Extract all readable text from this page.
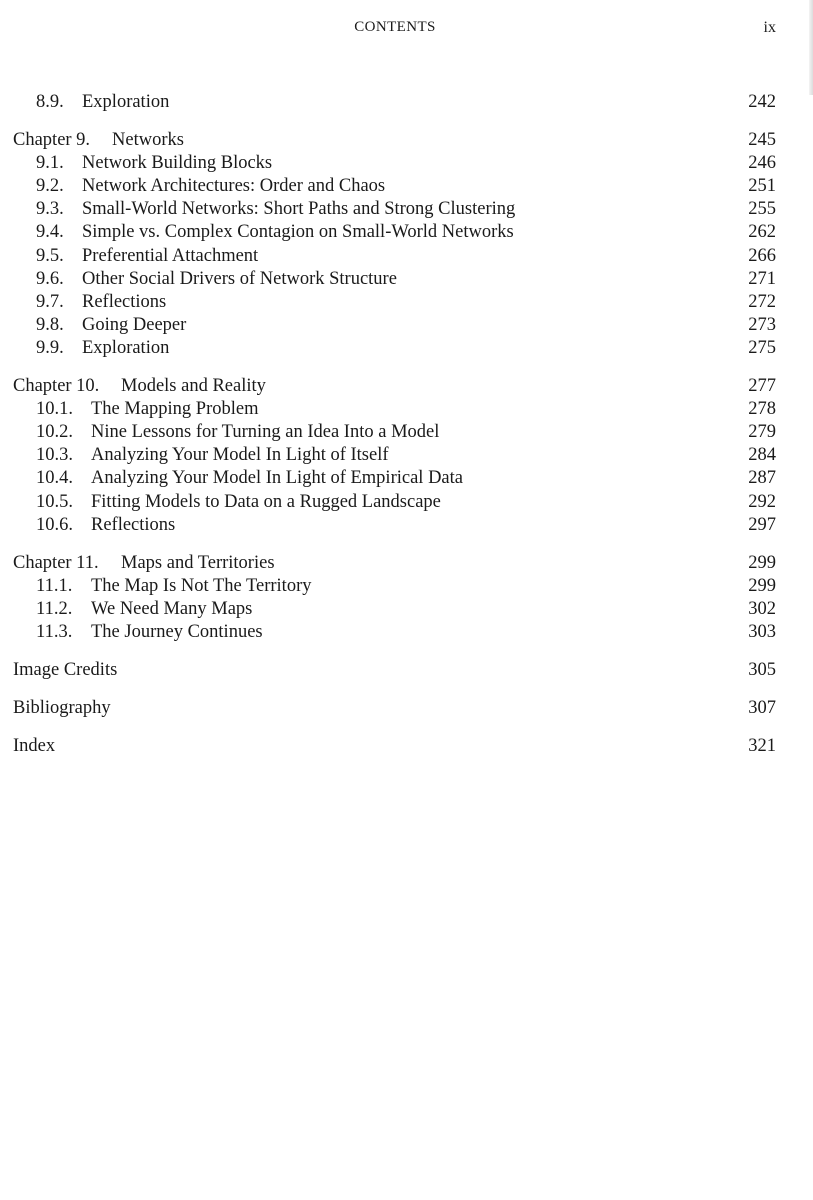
CONTENTS	ix
8.9. Exploration	242
Chapter 9. Networks	245
9.1. Network Building Blocks	246
9.2. Network Architectures: Order and Chaos	251
9.3. Small-World Networks: Short Paths and Strong Clustering	255
9.4. Simple vs. Complex Contagion on Small-World Networks	262
9.5. Preferential Attachment	266
9.6. Other Social Drivers of Network Structure	271
9.7. Reflections	272
9.8. Going Deeper	273
9.9. Exploration	275
Chapter 10. Models and Reality	277
10.1. The Mapping Problem	278
10.2. Nine Lessons for Turning an Idea Into a Model	279
10.3. Analyzing Your Model In Light of Itself	284
10.4. Analyzing Your Model In Light of Empirical Data	287
10.5. Fitting Models to Data on a Rugged Landscape	292
10.6. Reflections	297
Chapter 11. Maps and Territories	299
11.1. The Map Is Not The Territory	299
11.2. We Need Many Maps	302
11.3. The Journey Continues	303
Image Credits	305
Bibliography	307
Index	321
